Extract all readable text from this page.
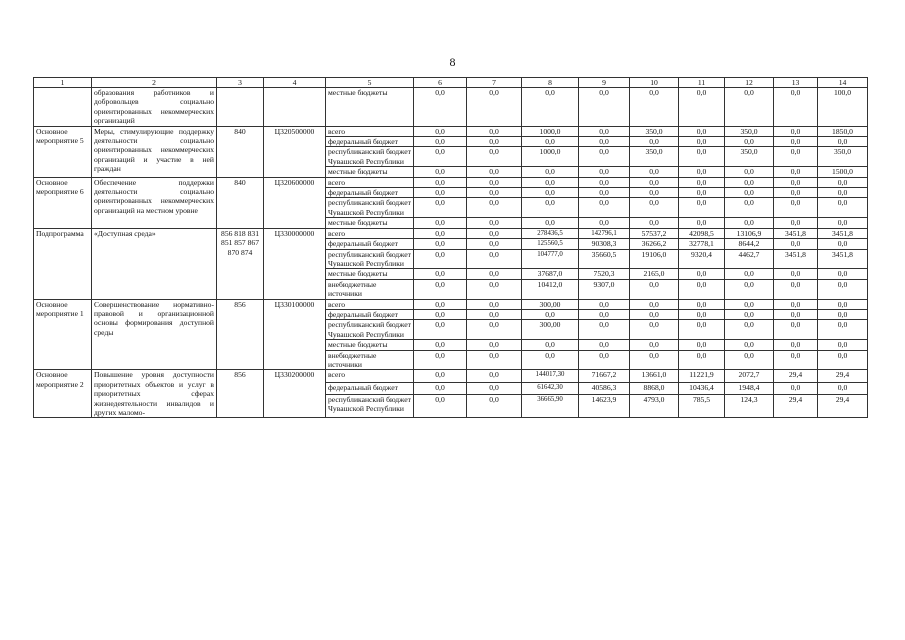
8
1	2	3	4	5	6	7	8	9	10	11	12	13	14
	образования работников и добровольцев социально ориентированных некоммерческих организаций			местные бюджеты	0,0	0,0	0,0	0,0	0,0	0,0	0,0	0,0	100,0
Основное мероприятие 5	Меры, стимулирующие поддержку деятельности социально ориентированных некоммерческих организаций и участие в ней граждан	840	Ц320500000	всего	0,0	0,0	1000,0	0,0	350,0	0,0	350,0	0,0	1850,0
				федеральный бюджет	0,0	0,0	0,0	0,0	0,0	0,0	0,0	0,0	0,0
				республиканский бюджет Чувашской Республики	0,0	0,0	1000,0	0,0	350,0	0,0	350,0	0,0	350,0
				местные бюджеты	0,0	0,0	0,0	0,0	0,0	0,0	0,0	0,0	1500,0
Основное мероприятие 6	Обеспечение поддержки деятельности социально ориентированных некоммерческих организаций на местном уровне	840	Ц320600000	всего	0,0	0,0	0,0	0,0	0,0	0,0	0,0	0,0	0,0
				федеральный бюджет	0,0	0,0	0,0	0,0	0,0	0,0	0,0	0,0	0,0
				республиканский бюджет Чувашской Республики	0,0	0,0	0,0	0,0	0,0	0,0	0,0	0,0	0,0
				местные бюджеты	0,0	0,0	0,0	0,0	0,0	0,0	0,0	0,0	0,0
Подпрограмма	«Доступная среда»	856 818 831 851 857 867 870 874	Ц330000000	всего	0,0	0,0	278436,5	142796,1	57537,2	42098,5	13106,9	3451,8	3451,8
				федеральный бюджет	0,0	0,0	125560,5	90308,3	36266,2	32778,1	8644,2	0,0	0,0
				республиканский бюджет Чувашской Республики	0,0	0,0	104777,0	35660,5	19106,0	9320,4	4462,7	3451,8	3451,8
				местные бюджеты	0,0	0,0	37687,0	7520,3	2165,0	0,0	0,0	0,0	0,0
				внебюджетные источники	0,0	0,0	10412,0	9307,0	0,0	0,0	0,0	0,0	0,0
Основное мероприятие 1	Совершенствование нормативно-правовой и организационной основы формирования доступной среды	856	Ц330100000	всего	0,0	0,0	300,00	0,0	0,0	0,0	0,0	0,0	0,0
				федеральный бюджет	0,0	0,0	0,0	0,0	0,0	0,0	0,0	0,0	0,0
				республиканский бюджет Чувашской Республики	0,0	0,0	300,00	0,0	0,0	0,0	0,0	0,0	0,0
				местные бюджеты	0,0	0,0	0,0	0,0	0,0	0,0	0,0	0,0	0,0
				внебюджетные источники	0,0	0,0	0,0	0,0	0,0	0,0	0,0	0,0	0,0
Основное мероприятие 2	Повышение уровня доступности приоритетных объектов и услуг в приоритетных сферах жизнедеятельности инвалидов и других маломо-	856	Ц330200000	всего	0,0	0,0	144017,30	71667,2	13661,0	11221,9	2072,7	29,4	29,4
				федеральный бюджет	0,0	0,0	61642,30	40586,3	8868,0	10436,4	1948,4	0,0	0,0
				республиканский бюджет Чувашской Республики	0,0	0,0	36665,90	14623,9	4793,0	785,5	124,3	29,4	29,4
